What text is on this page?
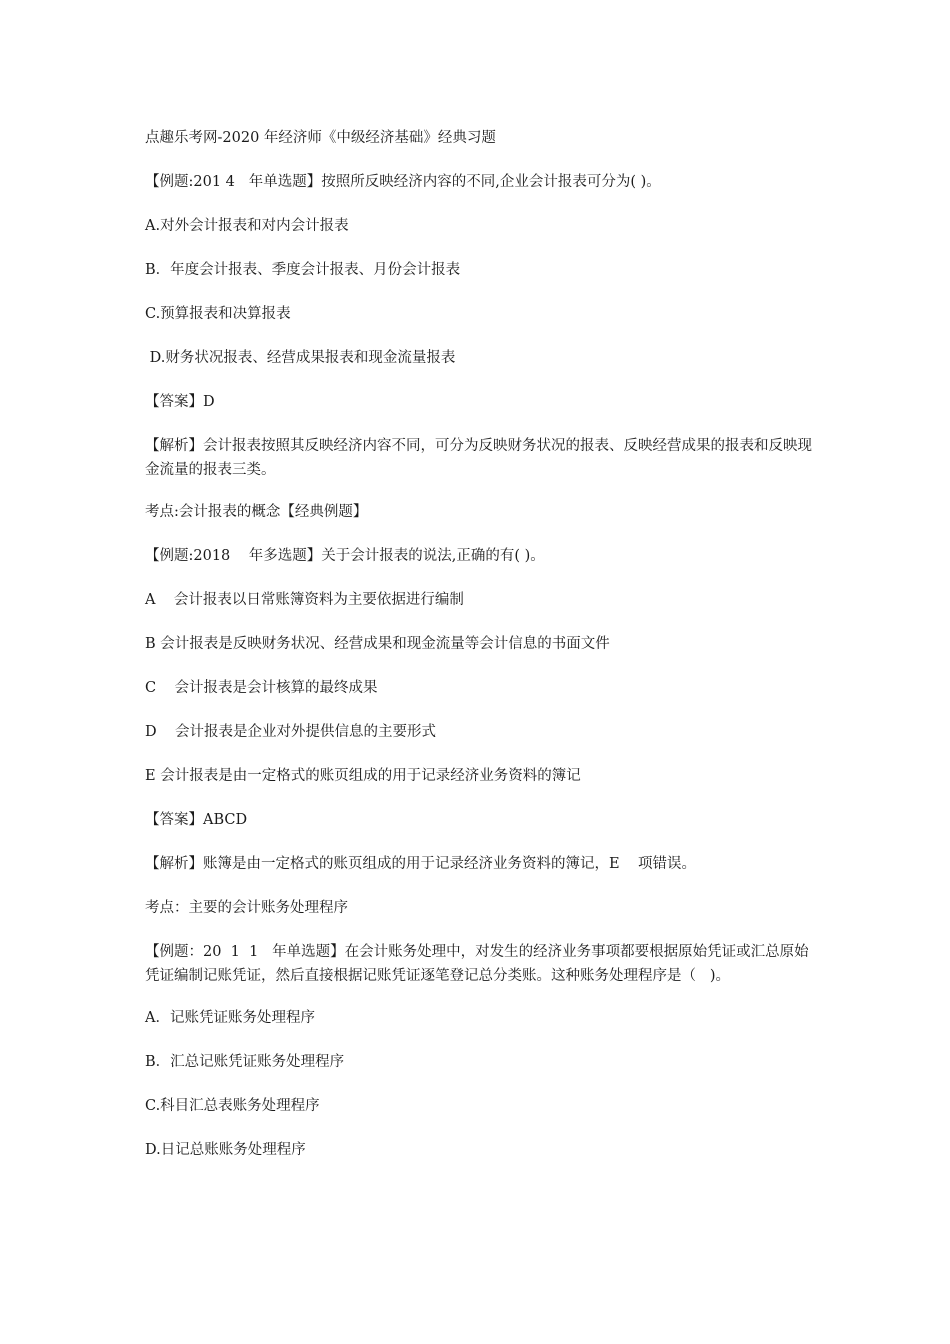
点趣乐考网-2020 年经济师《中级经济基础》经典习题
【例题:201 4   年单选题】按照所反映经济内容的不同,企业会计报表可分为( )。
A.对外会计报表和对内会计报表
B．年度会计报表、季度会计报表、月份会计报表
C.预算报表和决算报表
D.财务状况报表、经营成果报表和现金流量报表
【答案】D
【解析】会计报表按照其反映经济内容不同，可分为反映财务状况的报表、反映经营成果的报表和反映现金流量的报表三类。
考点:会计报表的概念【经典例题】
【例题:2018    年多选题】关于会计报表的说法,正确的有( )。
A    会计报表以日常账簿资料为主要依据进行编制
B 会计报表是反映财务状况、经营成果和现金流量等会计信息的书面文件
C    会计报表是会计核算的最终成果
D    会计报表是企业对外提供信息的主要形式
E 会计报表是由一定格式的账页组成的用于记录经济业务资料的簿记
【答案】ABCD
【解析】账簿是由一定格式的账页组成的用于记录经济业务资料的簿记，E    项错误。
考点：主要的会计账务处理程序
【例题：20  1  1   年单选题】在会计账务处理中，对发生的经济业务事项都要根据原始凭证或汇总原始凭证编制记账凭证，然后直接根据记账凭证逐笔登记总分类账。这种账务处理程序是（   )。
A．记账凭证账务处理程序
B．汇总记账凭证账务处理程序
C.科目汇总表账务处理程序
D.日记总账账务处理程序
